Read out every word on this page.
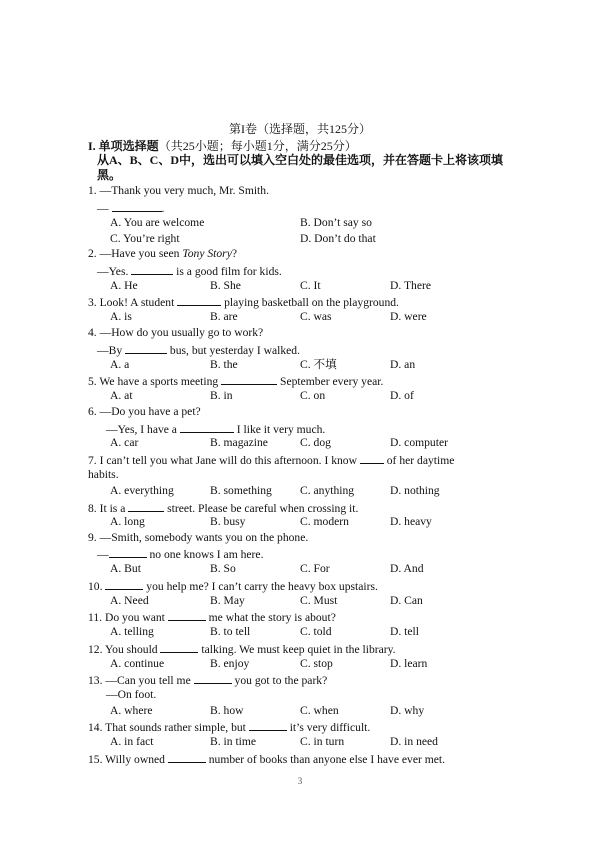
第I卷（选择题，共125分）
I. 单项选择题（共25小题；每小题1分，满分25分）
从A、B、C、D中，选出可以填入空白处的最佳选项，并在答题卡上将该项填黑。
1. —Thank you very much, Mr. Smith.
—	.
A. You are welcome	B. Don’t say so
C. You’re right	D. Don’t do that
2. —Have you seen Tony Story?
—Yes.	is a good film for kids.
A. He	B. She	C. It	D. There
3. Look! A student	playing basketball on the playground.
A. is	B. are	C. was	D. were
4. —How do you usually go to work?
—By	bus, but yesterday I walked.
A. a	B. the	C. 不填	D. an
5. We have a sports meeting	September every year.
A. at	B. in	C. on	D. of
6. —Do you have a pet?
—Yes, I have a	I like it very much.
A. car	B. magazine	C. dog	D. computer
7. I can’t tell you what Jane will do this afternoon. I know  of her daytime
habits.
A. everything	B. something C. anything	D. nothing
8. It is a	street. Please be careful when crossing it.
A. long	B. busy	C. modern	D. heavy
9. —Smith, somebody wants you on the phone.
—	no one knows I am here.
A. But	B. So	C. For	D. And
10.	you help me? I can’t carry the heavy box upstairs.
A. Need	B. May	C. Must	D. Can
11. Do you want	me what the story is about?
A. telling	B. to tell	C. told	D. tell
12. You should	talking. We must keep quiet in the library.
A. continue	B. enjoy	C. stop	D. learn
13. —Can you tell me	you got to the park?
—On foot.
A. where	B. how	C. when	D. why
14. That sounds rather simple, but	it’s very difficult.
A. in fact	B. in time	C. in turn	D. in need
15. Willy owned	number of books than anyone else I have ever met.
3
